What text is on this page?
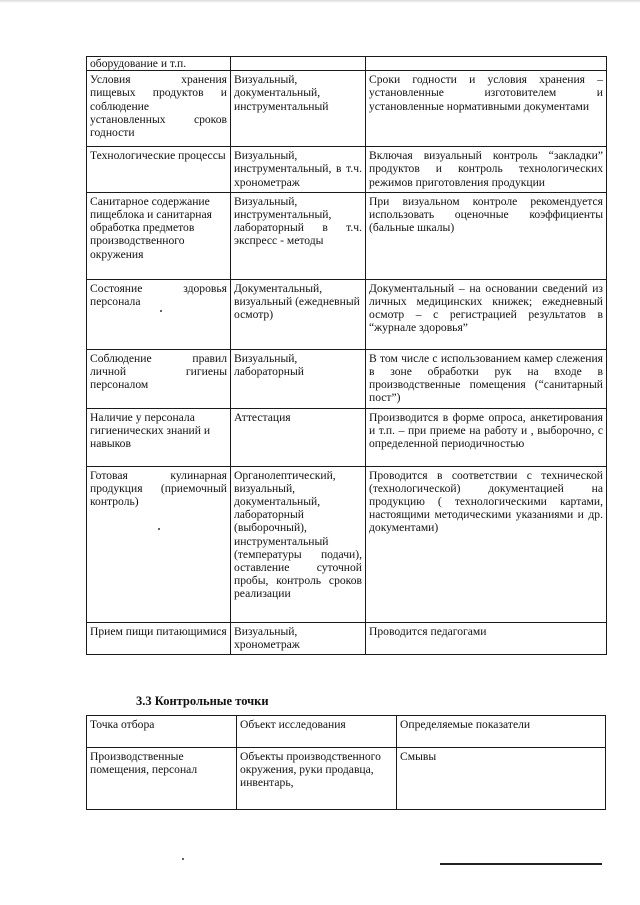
оборудование и т.п.		
Условия хранения пищевых продуктов и соблюдение установленных сроков годности	Визуальный, документальный, инструментальный	Сроки годности и условия хранения – установленные изготовителем и установленные нормативными документами
Технологические процессы	Визуальный, инструментальный, в т.ч. хронометраж	Включая визуальный контроль “закладки” продуктов и контроль технологических режимов приготовления продукции
Санитарное содержание пищеблока и санитарная обработка предметов производственного окружения	Визуальный, инструментальный, лабораторный в т.ч. экспресс - методы	При визуальном контроле рекомендуется использовать оценочные коэффициенты (бальные шкалы)
Состояние здоровья персонала	Документальный, визуальный (ежедневный осмотр)	Документальный – на основании сведений из личных медицинских книжек; ежедневный осмотр – с регистрацией результатов в “журнале здоровья”
Соблюдение правил личной гигиены персоналом	Визуальный, лабораторный	В том числе с использованием камер слежения в зоне обработки рук на входе в производственные помещения (“санитарный пост”)
Наличие у персонала гигиенических знаний и навыков	Аттестация	Производится в форме опроса, анкетирования и т.п. – при приеме на работу и , выборочно, с определенной периодичностью
Готовая кулинарная продукция (приемочный контроль)	Органолептический, визуальный, документальный, лабораторный (выборочный), инструментальный (температуры подачи), оставление суточной пробы, контроль сроков реализации	Проводится в соответствии с технической (технологической) документацией на продукцию ( технологическими картами, настоящими методическими указаниями и др. документами)
Прием пищи питающимися	Визуальный, хронометраж	Проводится педагогами
3.3 Контрольные точки
Точка отбора	Объект исследования	Определяемые показатели
Производственные помещения, персонал	Объекты производственного окружения, руки продавца, инвентарь,	Смывы
